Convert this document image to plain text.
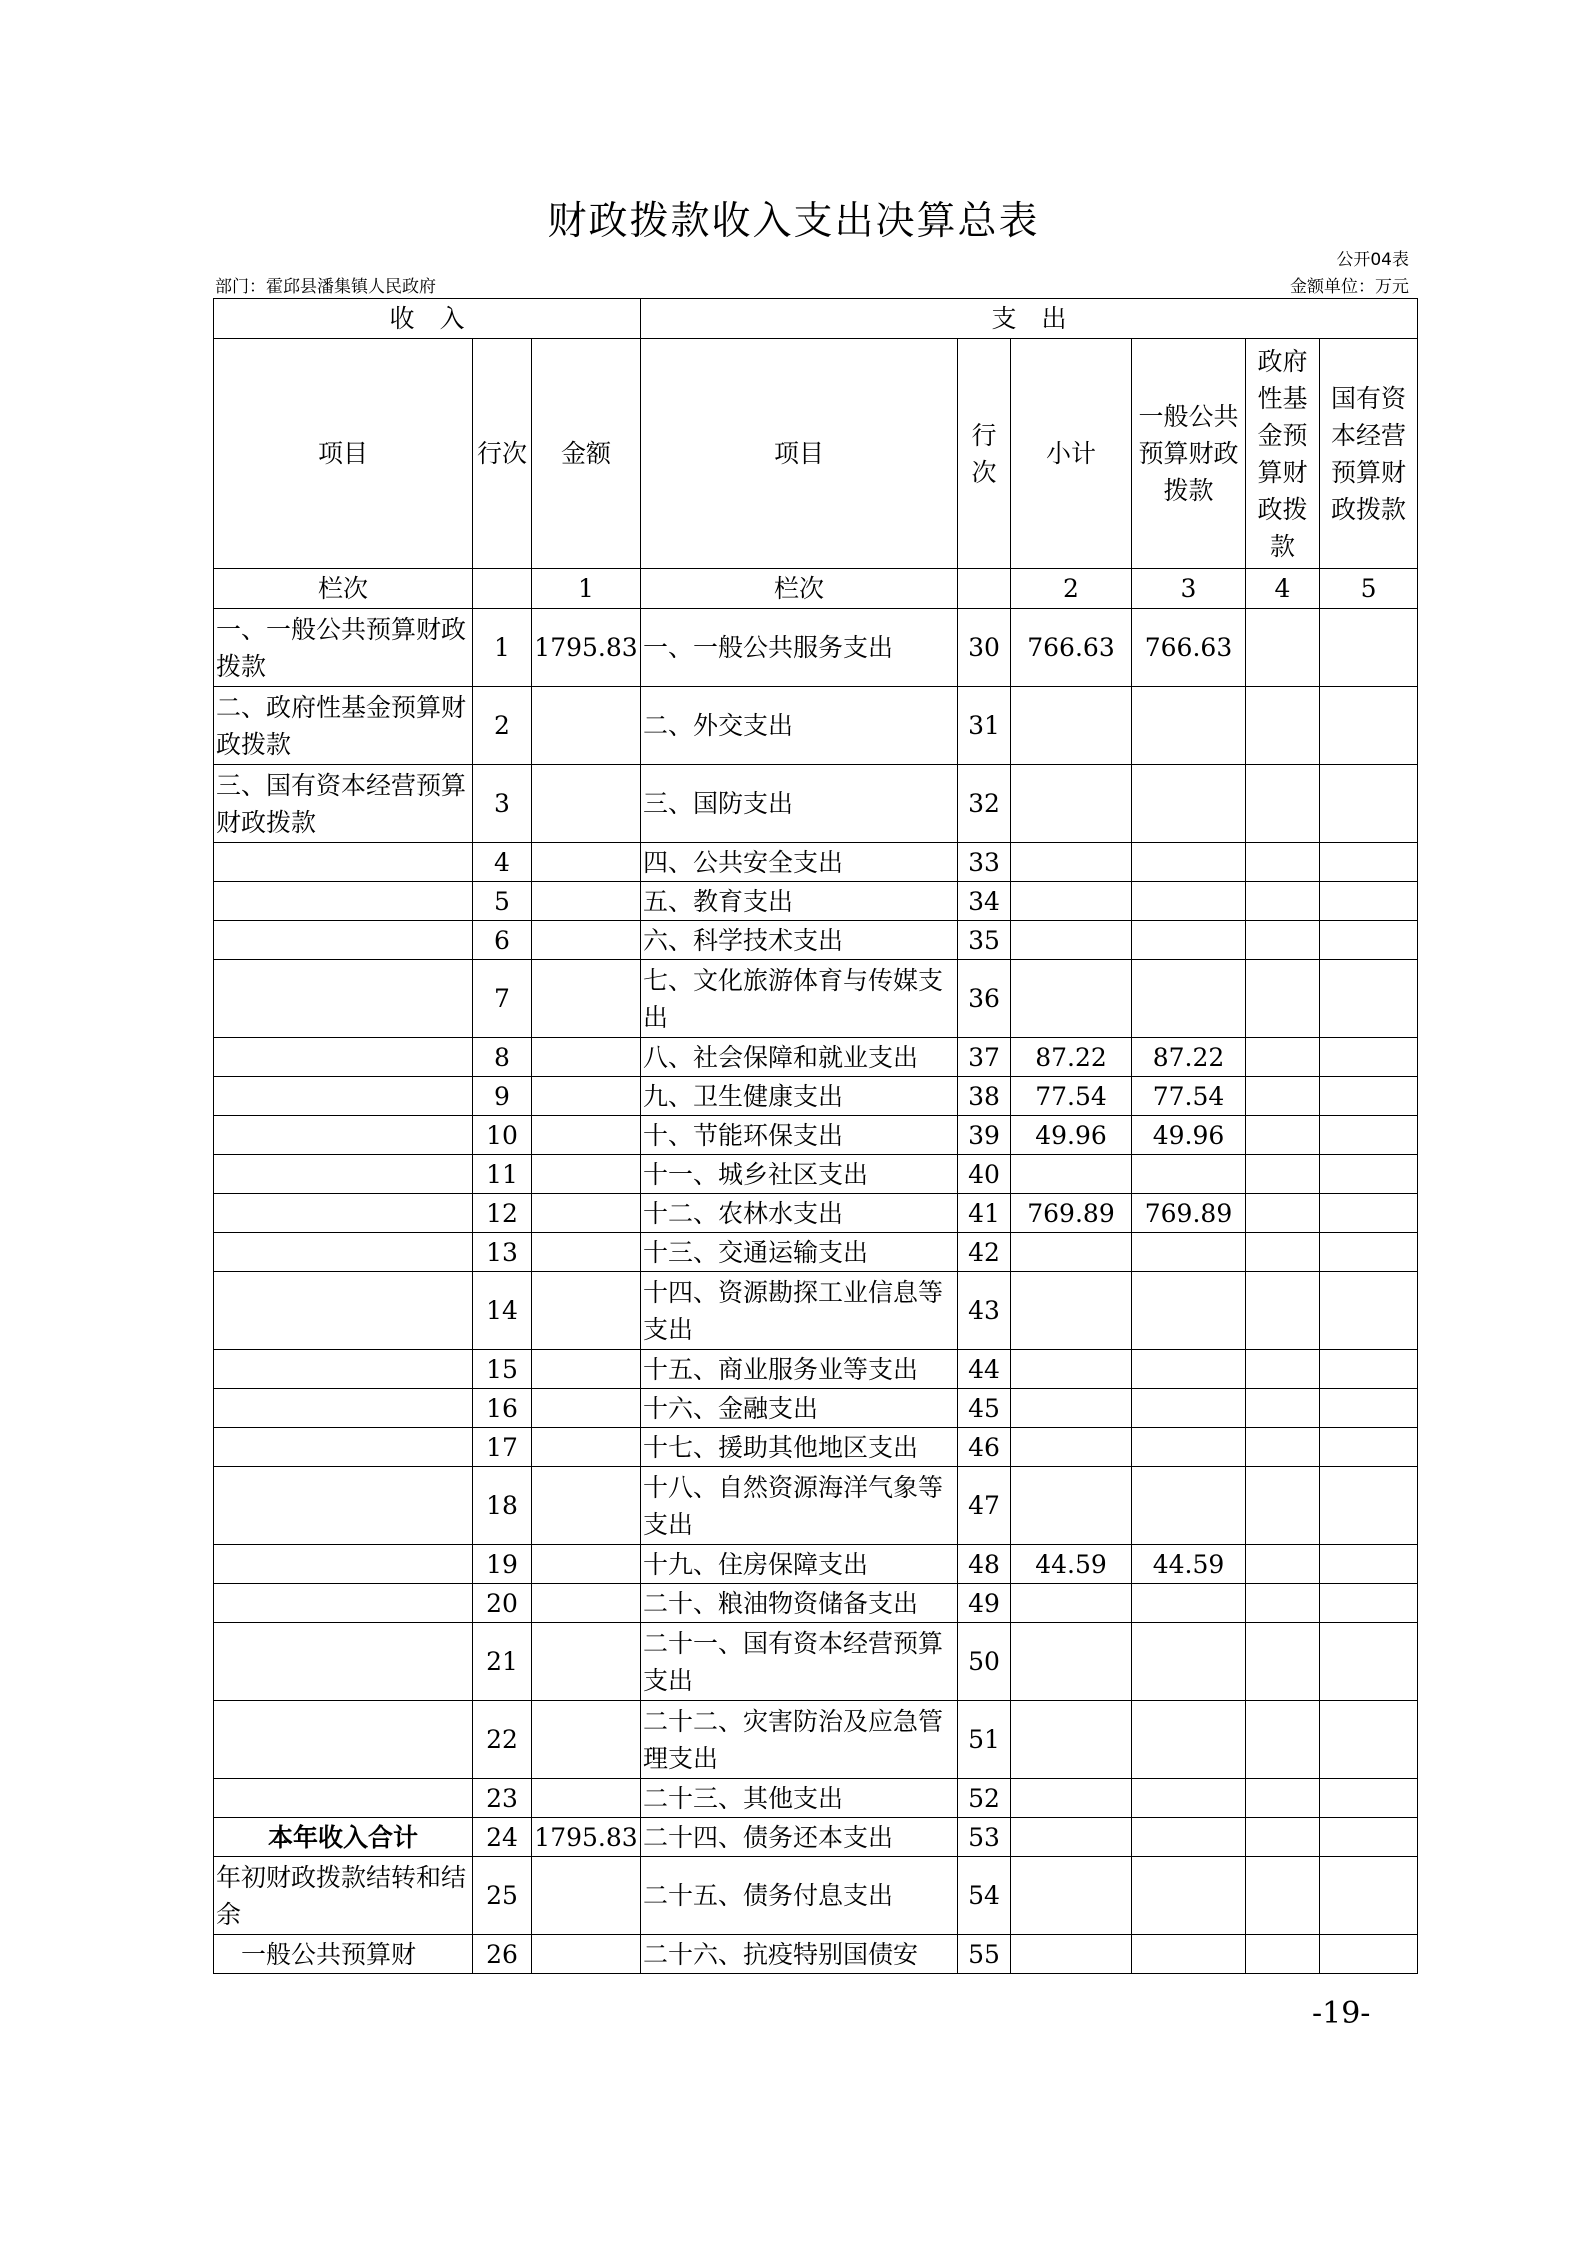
财政拨款收入支出决算总表
公开04表
部门：霍邱县潘集镇人民政府	金额单位：万元
收　入			支　出					
项目	行次	金额	项目	行次	小计	一般公共预算财政拨款	政府性基金预算财政拨款	国有资本经营预算财政拨款
栏次		1	栏次		2	3	4	5
一、一般公共预算财政拨款	1	1795.83	一、一般公共服务支出	30	766.63	766.63		
二、政府性基金预算财政拨款	2		二、外交支出	31				
三、国有资本经营预算财政拨款	3		三、国防支出	32				
	4		四、公共安全支出	33				
	5		五、教育支出	34				
	6		六、科学技术支出	35				
	7		七、文化旅游体育与传媒支出	36				
	8		八、社会保障和就业支出	37	87.22	87.22		
	9		九、卫生健康支出	38	77.54	77.54		
	10		十、节能环保支出	39	49.96	49.96		
	11		十一、城乡社区支出	40				
	12		十二、农林水支出	41	769.89	769.89		
	13		十三、交通运输支出	42				
	14		十四、资源勘探工业信息等支出	43				
	15		十五、商业服务业等支出	44				
	16		十六、金融支出	45				
	17		十七、援助其他地区支出	46				
	18		十八、自然资源海洋气象等支出	47				
	19		十九、住房保障支出	48	44.59	44.59		
	20		二十、粮油物资储备支出	49				
	21		二十一、国有资本经营预算支出	50				
	22		二十二、灾害防治及应急管理支出	51				
	23		二十三、其他支出	52				
本年收入合计	24	1795.83	二十四、债务还本支出	53				
年初财政拨款结转和结余	25		二十五、债务付息支出	54				
　一般公共预算财	26		二十六、抗疫特别国债安	55				
-19-
